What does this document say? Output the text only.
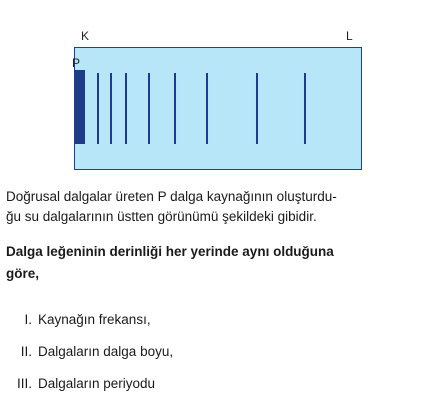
K	L
P

Doğrusal dalgalar üreten P dalga kaynağının oluşturdu-
ğu su dalgalarının üstten görünümü şekildeki gibidir.

Dalga leğeninin derinliği her yerinde aynı olduğuna
göre,

I. Kaynağın frekansı,
II. Dalgaların dalga boyu,
III. Dalgaların periyodu
